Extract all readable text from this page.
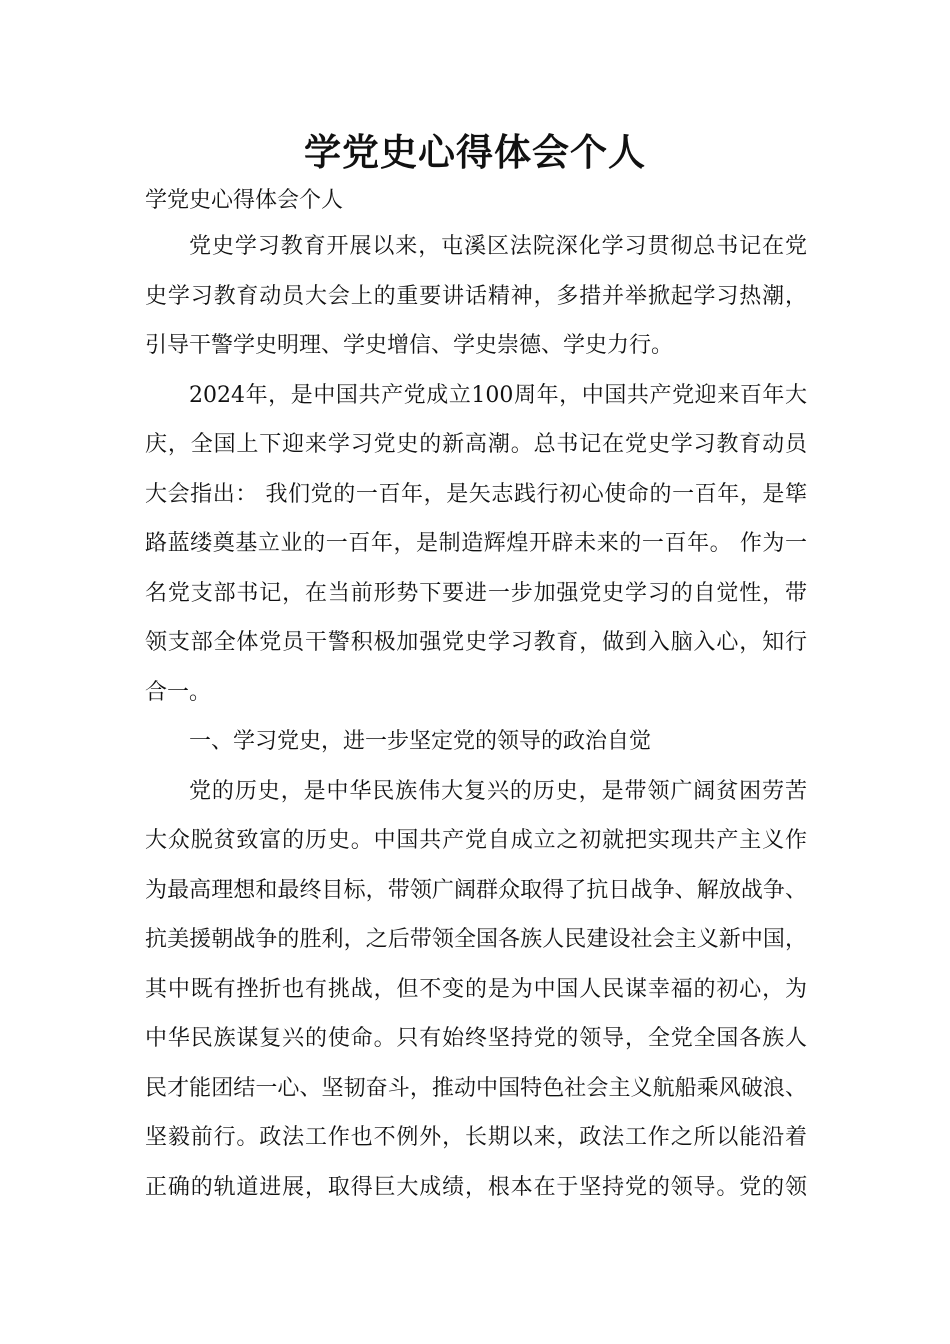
学党史心得体会个人
学党史心得体会个人
党史学习教育开展以来，屯溪区法院深化学习贯彻总书记在党
史学习教育动员大会上的重要讲话精神，多措并举掀起学习热潮，
引导干警学史明理、学史增信、学史崇德、学史力行。
2024年，是中国共产党成立100周年，中国共产党迎来百年大
庆，全国上下迎来学习党史的新高潮。总书记在党史学习教育动员
大会指出： 我们党的一百年，是矢志践行初心使命的一百年，是筚
路蓝缕奠基立业的一百年，是制造辉煌开辟未来的一百年。 作为一
名党支部书记，在当前形势下要进一步加强党史学习的自觉性，带
领支部全体党员干警积极加强党史学习教育，做到入脑入心，知行
合一。
一、学习党史，进一步坚定党的领导的政治自觉
党的历史，是中华民族伟大复兴的历史，是带领广阔贫困劳苦
大众脱贫致富的历史。中国共产党自成立之初就把实现共产主义作
为最高理想和最终目标，带领广阔群众取得了抗日战争、解放战争、
抗美援朝战争的胜利，之后带领全国各族人民建设社会主义新中国，
其中既有挫折也有挑战，但不变的是为中国人民谋幸福的初心，为
中华民族谋复兴的使命。只有始终坚持党的领导，全党全国各族人
民才能团结一心、坚韧奋斗，推动中国特色社会主义航船乘风破浪、
坚毅前行。政法工作也不例外，长期以来，政法工作之所以能沿着
正确的轨道进展，取得巨大成绩，根本在于坚持党的领导。党的领
